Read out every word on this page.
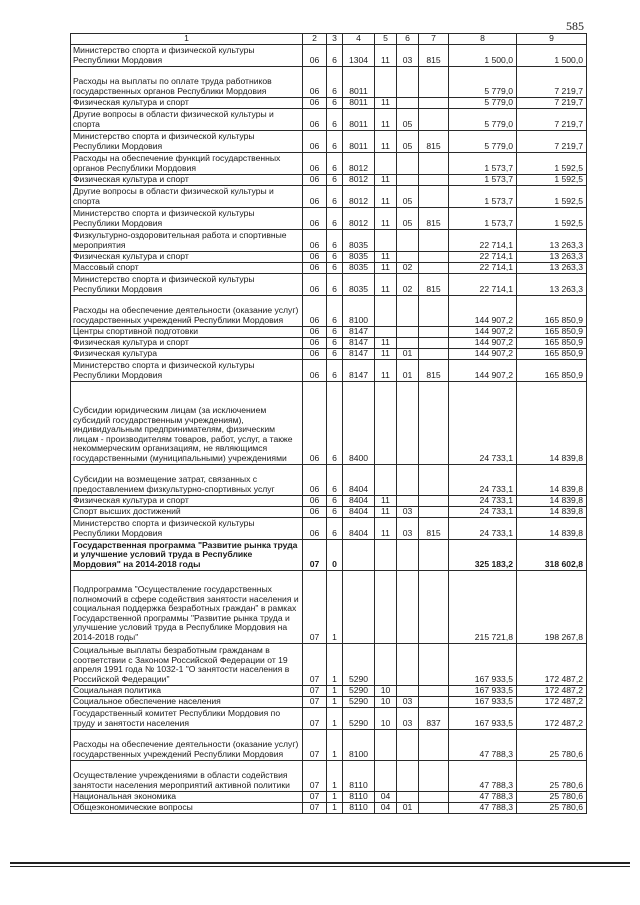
585
1	2	3	4	5	6	7	8	9
Министерство спорта и физической культуры Республики Мордовия	06	6	1304	11	03	815	1 500,0	1 500,0
Расходы на выплаты по оплате труда работников государственных органов Республики Мордовия	06	6	8011				5 779,0	7 219,7
Физическая культура и спорт	06	6	8011	11			5 779,0	7 219,7
Другие вопросы в области физической культуры и спорта	06	6	8011	11	05		5 779,0	7 219,7
Министерство спорта и физической культуры Республики Мордовия	06	6	8011	11	05	815	5 779,0	7 219,7
Расходы на обеспечение функций государственных органов Республики Мордовия	06	6	8012				1 573,7	1 592,5
Физическая культура и спорт	06	6	8012	11			1 573,7	1 592,5
Другие вопросы в области физической культуры и спорта	06	6	8012	11	05		1 573,7	1 592,5
Министерство спорта и физической культуры Республики Мордовия	06	6	8012	11	05	815	1 573,7	1 592,5
Физкультурно-оздоровительная работа и спортивные мероприятия	06	6	8035				22 714,1	13 263,3
Физическая культура и спорт	06	6	8035	11			22 714,1	13 263,3
Массовый спорт	06	6	8035	11	02		22 714,1	13 263,3
Министерство спорта и физической культуры Республики Мордовия	06	6	8035	11	02	815	22 714,1	13 263,3
Расходы на обеспечение деятельности (оказание услуг) государственных учреждений Республики Мордовия	06	6	8100				144 907,2	165 850,9
Центры спортивной подготовки	06	6	8147				144 907,2	165 850,9
Физическая культура и спорт	06	6	8147	11			144 907,2	165 850,9
Физическая культура	06	6	8147	11	01		144 907,2	165 850,9
Министерство спорта и физической культуры Республики Мордовия	06	6	8147	11	01	815	144 907,2	165 850,9
Субсидии юридическим лицам (за исключением субсидий государственным учреждениям), индивидуальным предпринимателям, физическим лицам - производителям товаров, работ, услуг, а также некоммерческим организациям, не являющимся государственными (муниципальными) учреждениями	06	6	8400				24 733,1	14 839,8
Субсидии на возмещение затрат, связанных с предоставлением физкультурно-спортивных услуг	06	6	8404				24 733,1	14 839,8
Физическая культура и спорт	06	6	8404	11			24 733,1	14 839,8
Спорт высших достижений	06	6	8404	11	03		24 733,1	14 839,8
Министерство спорта и физической культуры Республики Мордовия	06	6	8404	11	03	815	24 733,1	14 839,8
Государственная программа "Развитие рынка труда и улучшение условий труда в Республике Мордовия" на 2014-2018 годы	07	0					325 183,2	318 602,8
Подпрограмма "Осуществление государственных полномочий в сфере содействия занятости населения и социальная поддержка безработных граждан" в рамках Государственной программы "Развитие рынка труда и улучшение условий труда в Республике Мордовия на 2014-2018 годы"	07	1					215 721,8	198 267,8
Социальные выплаты безработным гражданам в соответствии с Законом Российской Федерации от 19 апреля 1991 года № 1032-1 "О занятости населения в Российской Федерации"	07	1	5290				167 933,5	172 487,2
Социальная политика	07	1	5290	10			167 933,5	172 487,2
Социальное обеспечение населения	07	1	5290	10	03		167 933,5	172 487,2
Государственный комитет Республики Мордовия по труду и занятости населения	07	1	5290	10	03	837	167 933,5	172 487,2
Расходы на обеспечение деятельности (оказание услуг) государственных учреждений Республики Мордовия	07	1	8100				47 788,3	25 780,6
Осуществление учреждениями в области содействия занятости населения мероприятий активной политики	07	1	8110				47 788,3	25 780,6
Национальная экономика	07	1	8110	04			47 788,3	25 780,6
Общеэкономические вопросы	07	1	8110	04	01		47 788,3	25 780,6
